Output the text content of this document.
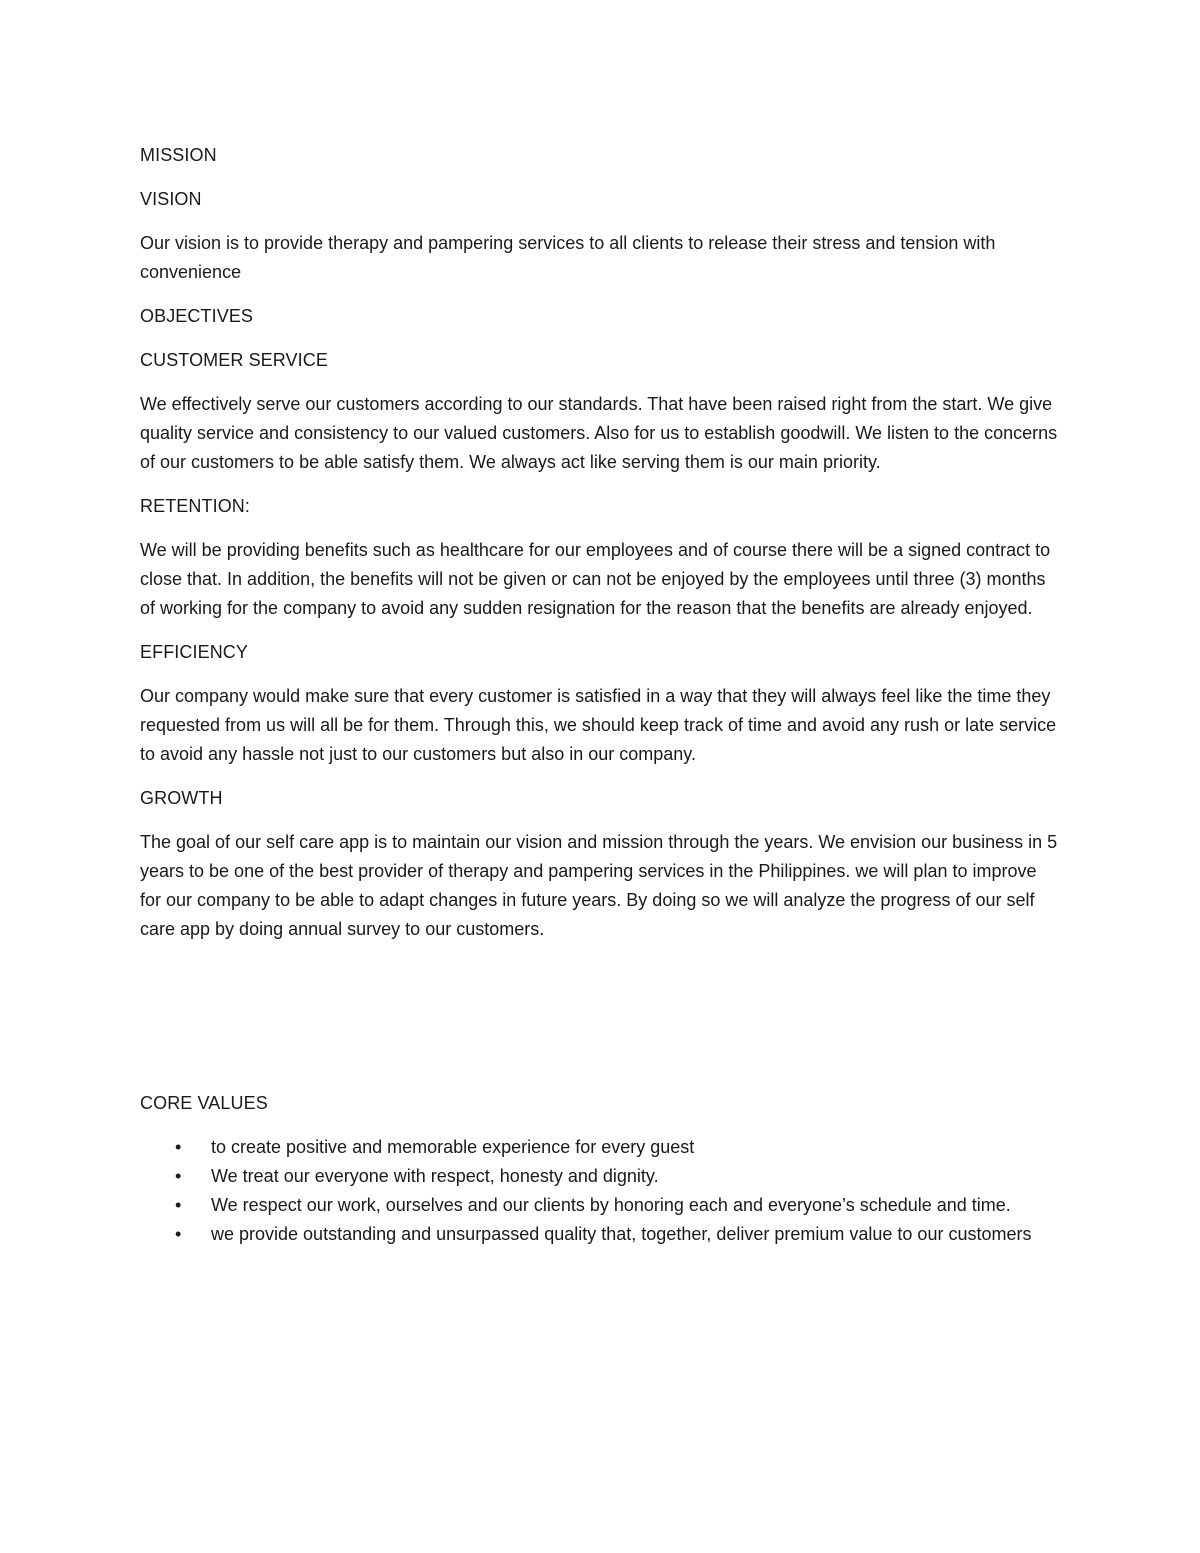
MISSION

VISION

Our vision is to provide therapy and pampering services to all clients to release their stress and tension with convenience

OBJECTIVES

CUSTOMER SERVICE

We effectively serve our customers according to our standards. That have been raised right from the start. We give quality service and consistency to our valued customers. Also for us to establish goodwill. We listen to the concerns of our customers to be able satisfy them. We always act like serving them is our main priority.

RETENTION:

We will be providing benefits such as healthcare for our employees and of course there will be a signed contract to close that. In addition, the benefits will not be given or can not be enjoyed by the employees until three (3) months of working for the company to avoid any sudden resignation for the reason that the benefits are already enjoyed.

EFFICIENCY

Our company would make sure that every customer is satisfied in a way that they will always feel like the time they requested from us will all be for them. Through this, we should keep track of time and avoid any rush or late service to avoid any hassle not just to our customers but also in our company.

GROWTH

The goal of our self care app is to maintain our vision and mission through the years. We envision our business in 5 years to be one of the best provider of therapy and pampering services in the Philippines. we will plan to improve for our company to be able to adapt changes in future years. By doing so we will analyze the progress of our self care app by doing annual survey to our customers.

CORE VALUES

• to create positive and memorable experience for every guest
• We treat our everyone with respect, honesty and dignity.
• We respect our work, ourselves and our clients by honoring each and everyone’s schedule and time.
• we provide outstanding and unsurpassed quality that, together, deliver premium value to our customers
